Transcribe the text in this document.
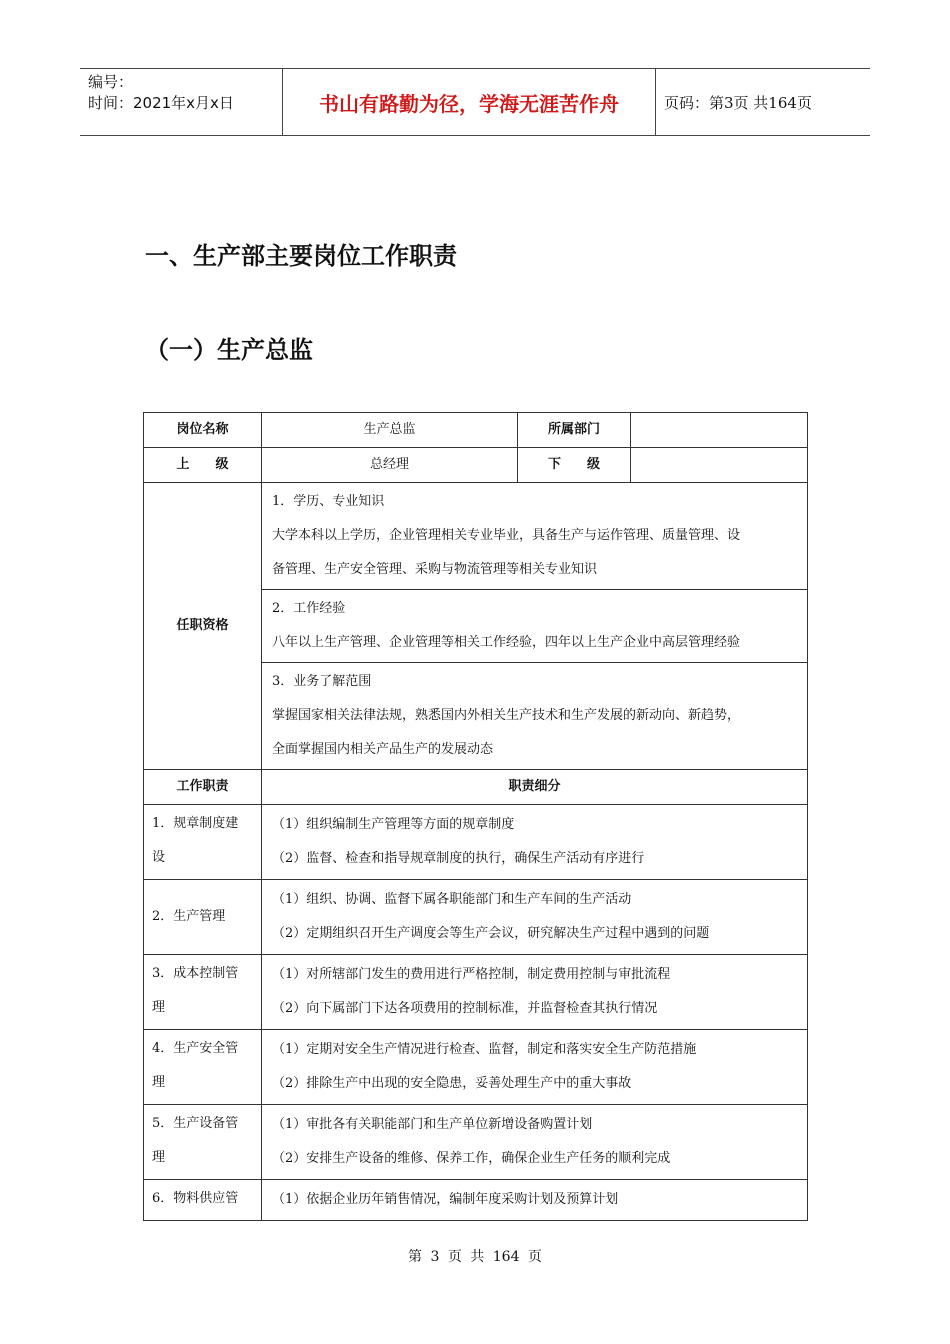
编号：
时间：2021年x月x日	书山有路勤为径，学海无涯苦作舟	页码：第3页 共164页
一、生产部主要岗位工作职责
（一）生产总监
岗位名称	生产总监	所属部门	
上　　级	总经理	下　　级	
任职资格	1．学历、专业知识
大学本科以上学历，企业管理相关专业毕业，具备生产与运作管理、质量管理、设
备管理、生产安全管理、采购与物流管理等相关专业知识		

	2．工作经验
八年以上生产管理、企业管理等相关工作经验，四年以上生产企业中高层管理经验		

	3．业务了解范围
掌握国家相关法律法规，熟悉国内外相关生产技术和生产发展的新动向、新趋势，
全面掌握国内相关产品生产的发展动态		

工作职责	职责细分		

1．规章制度建
设	（1）组织编制生产管理等方面的规章制度
（2）监督、检查和指导规章制度的执行，确保生产活动有序进行		

2．生产管理	（1）组织、协调、监督下属各职能部门和生产车间的生产活动
（2）定期组织召开生产调度会等生产会议，研究解决生产过程中遇到的问题		

3．成本控制管
理	（1）对所辖部门发生的费用进行严格控制，制定费用控制与审批流程
（2）向下属部门下达各项费用的控制标准，并监督检查其执行情况		

4．生产安全管
理	（1）定期对安全生产情况进行检查、监督，制定和落实安全生产防范措施
（2）排除生产中出现的安全隐患，妥善处理生产中的重大事故		

5．生产设备管
理	（1）审批各有关职能部门和生产单位新增设备购置计划
（2）安排生产设备的维修、保养工作，确保企业生产任务的顺利完成		

6．物料供应管	（1）依据企业历年销售情况，编制年度采购计划及预算计划		
第 3 页 共 164 页
